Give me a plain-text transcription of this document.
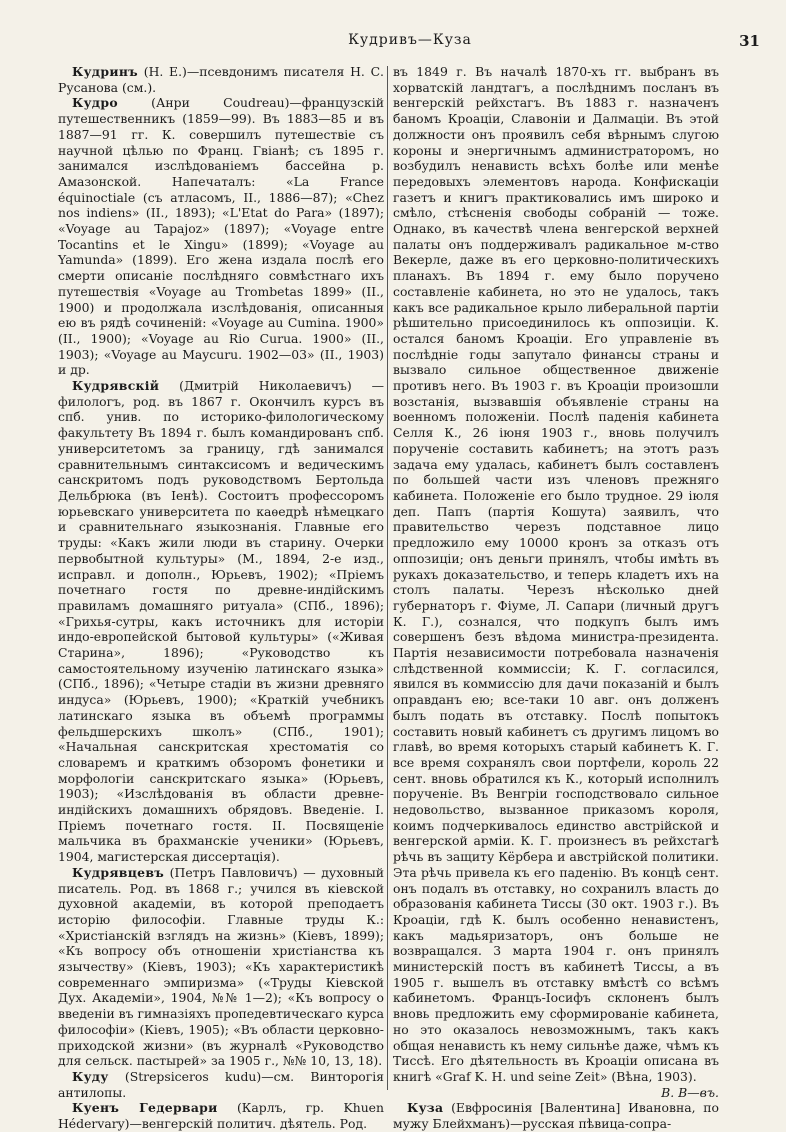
Кудривъ—Куза	31

Кудринъ (Н. Е.)—псевдонимъ писателя Н. С. Русанова (см.).

Кудро (Анри Coudreau)—французскій путешественникъ (1859—99). Въ 1883—85 и въ 1887—91 гг. К. совершилъ путешествіе съ научной цѣлью по Франц. Гвіанѣ; съ 1895 г. занимался изслѣдованіемъ бассейна р. Амазонской. Напечаталъ: «La France équinoctiale (съ атласомъ, II., 1886—87); «Chez nos indiens» (II., 1893); «L'Etat do Para» (1897); «Voyage au Tapajoz» (1897); «Voyage entre Tocantins et le Xingu» (1899); «Voyage au Yamunda» (1899). Его жена издала послѣ его смерти описаніе послѣдняго совмѣстнаго ихъ путешествія «Voyage au Trombetas 1899» (II., 1900) и продолжала изслѣдованія, описанныя ею въ рядѣ сочиненій: «Voyage au Cumina. 1900» (II., 1900); «Voyage au Rio Curua. 1900» (II., 1903); «Voyage au Maycuru. 1902—03» (II., 1903) и др.

Кудрявскій (Дмитрій Николаевичъ) —филологъ, род. въ 1867 г. Окончилъ курсъ въ спб. унив. по историко-филологическому факультету Въ 1894 г. былъ командированъ спб. университетомъ за границу, гдѣ занимался сравнительнымъ синтаксисомъ и ведическимъ санскритомъ подъ руководствомъ Бертольда Дельбрюка (въ Іенѣ). Состоитъ профессоромъ юрьевскаго университета по каѳедрѣ нѣмецкаго и сравнительнаго языкознанія. Главные его труды: «Какъ жили люди въ старину. Очерки первобытной культуры» (М., 1894, 2-е изд., исправл. и дополн., Юрьевъ, 1902); «Пріемъ почетнаго гостя по древне-индійскимъ правиламъ домашняго ритуала» (СПб., 1896); «Грихья-сутры, какъ источникъ для исторіи индо-европейской бытовой культуры» («Живая Старина», 1896); «Руководство къ самостоятельному изученію латинскаго языка» (СПб., 1896); «Четыре стадіи въ жизни древняго индуса» (Юрьевъ, 1900); «Краткій учебникъ латинскаго языка въ объемѣ программы фельдшерскихъ школъ» (СПб., 1901); «Начальная санскритская хрестоматія со словаремъ и краткимъ обзоромъ фонетики и морфологіи санскритскаго языка» (Юрьевъ, 1903); «Изслѣдованія въ области древне-индійскихъ домашнихъ обрядовъ. Введеніе. I. Пріемъ почетнаго гостя. II. Посвященіе мальчика въ брахманскіе ученики» (Юрьевъ, 1904, магистерская диссертація).

Кудрявцевъ (Петръ Павловичъ) — духовный писатель. Род. въ 1868 г.; учился въ кіевской духовной академіи, въ которой преподаетъ исторію философіи. Главные труды К.: «Христіанскій взглядъ на жизнь» (Кіевъ, 1899); «Къ вопросу объ отношеніи христіанства къ язычеству» (Кіевъ, 1903); «Къ характеристикѣ современнаго эмпиризма» («Труды Кіевской Дух. Академіи», 1904, №№ 1—2); «Къ вопросу о введеніи въ гимназіяхъ пропедевтическаго курса философіи» (Кіевъ, 1905); «Въ области церковно-приходской жизни» (въ журналѣ «Руководство для сельск. пастырей» за 1905 г., №№ 10, 13, 18).

Куду (Strepsiceros kudu)—см. Винторогія антилопы.

Куенъ Гедервари (Карлъ, гр. Khuen Hédervary)—венгерскій политич. дѣятель. Род.

въ 1849 г. Въ началѣ 1870-хъ гг. выбранъ въ хорватскій ландтагъ, а послѣднимъ посланъ въ венгерскій рейхстагъ. Въ 1883 г. назначенъ баномъ Кроаціи, Славоніи и Далмаціи. Въ этой должности онъ проявилъ себя вѣрнымъ слугою короны и энергичнымъ администраторомъ, но возбудилъ ненависть всѣхъ болѣе или менѣе передовыхъ элементовъ народа. Конфискаціи газетъ и книгъ практиковались имъ широко и смѣло, стѣсненія свободы собраній — тоже. Однако, въ качествѣ члена венгерской верхней палаты онъ поддерживалъ радикальное м-ство Векерле, даже въ его церковно-политическихъ планахъ. Въ 1894 г. ему было поручено составленіе кабинета, но это не удалось, такъ какъ все радикальное крыло либеральной партіи рѣшительно присоединилось къ оппозиціи. К. остался баномъ Кроаціи. Его управленіе въ послѣдніе годы запутало финансы страны и вызвало сильное общественное движеніе противъ него. Въ 1903 г. въ Кроаціи произошли возстанія, вызвавшія объявленіе страны на военномъ положеніи. Послѣ паденія кабинета Селля К., 26 іюня 1903 г., вновь получилъ порученіе составить кабинетъ; на этотъ разъ задача ему удалась, кабинетъ былъ составленъ по большей части изъ членовъ прежняго кабинета. Положеніе его было трудное. 29 іюля деп. Папъ (партія Кошута) заявилъ, что правительство черезъ подставное лицо предложило ему 10000 кронъ за отказъ отъ оппозиціи; онъ деньги принялъ, чтобы имѣть въ рукахъ доказательство, и теперь кладетъ ихъ на столъ палаты. Черезъ нѣсколько дней губернаторъ г. Фіуме, Л. Сапари (личный другъ К. Г.), сознался, что подкупъ былъ имъ совершенъ безъ вѣдома министра-президента. Партія независимости потребовала назначенія слѣдственной коммиссіи; К. Г. согласился, явился въ коммиссію для дачи показаній и былъ оправданъ ею; все-таки 10 авг. онъ долженъ былъ подать въ отставку. Послѣ попытокъ составить новый кабинетъ съ другимъ лицомъ во главѣ, во время которыхъ старый кабинетъ К. Г. все время сохранялъ свои портфели, король 22 сент. вновь обратился къ К., который исполнилъ порученіе. Въ Венгріи господствовало сильное недовольство, вызванное приказомъ короля, коимъ подчеркивалось единство австрійской и венгерской арміи. К. Г. произнесъ въ рейхстагѣ рѣчь въ защиту Кёрбера и австрійской политики. Эта рѣчь привела къ его паденію. Въ концѣ сент. онъ подалъ въ отставку, но сохранилъ власть до образованія кабинета Тиссы (30 окт. 1903 г.). Въ Кроаціи, гдѣ К. былъ особенно ненавистенъ, какъ мадьяризаторъ, онъ больше не возвращался. 3 марта 1904 г. онъ принялъ министерскій постъ въ кабинетѣ Тиссы, а въ 1905 г. вышелъ въ отставку вмѣстѣ со всѣмъ кабинетомъ. Францъ-Іосифъ склоненъ былъ вновь предложить ему сформированіе кабинета, но это оказалось невозможнымъ, такъ какъ общая ненависть къ нему сильнѣе даже, чѣмъ къ Тиссѣ. Его дѣятельность въ Кроаціи описана въ книгѣ «Graf K. H. und seine Zeit» (Вѣна, 1903).

В. В—въ.

Куза (Евфросинія [Валентина] Ивановна, по мужу Блейхманъ)—русская пѣвица-сопра-
